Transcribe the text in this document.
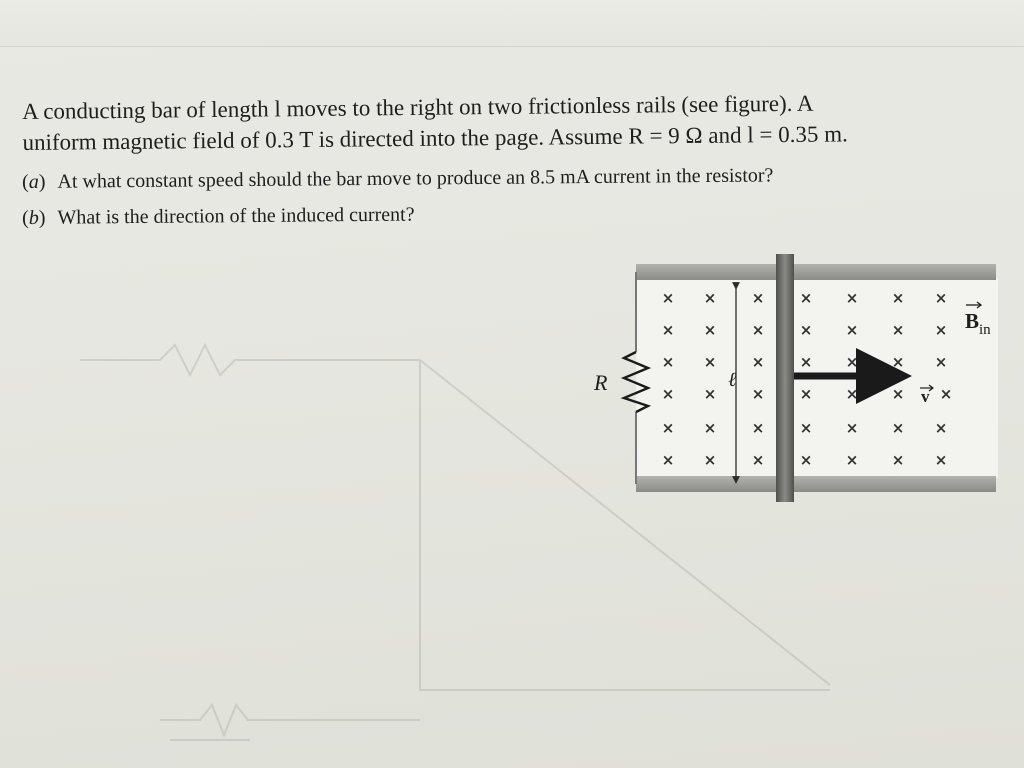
A conducting bar of length l moves to the right on two frictionless rails (see figure). A
uniform magnetic field of 0.3 T is directed into the page. Assume R = 9 Ω and l = 0.35 m.
(a) At what constant speed should the bar move to produce an 8.5 mA current in the resistor?
(b) What is the direction of the induced current?
R
× × × × × × ×
× × × × × × ×
× × × × × × ×
× × × × × ×
× × × × × × ×
× × × × × × ×
×
ℓ
v
$B_{in}$
